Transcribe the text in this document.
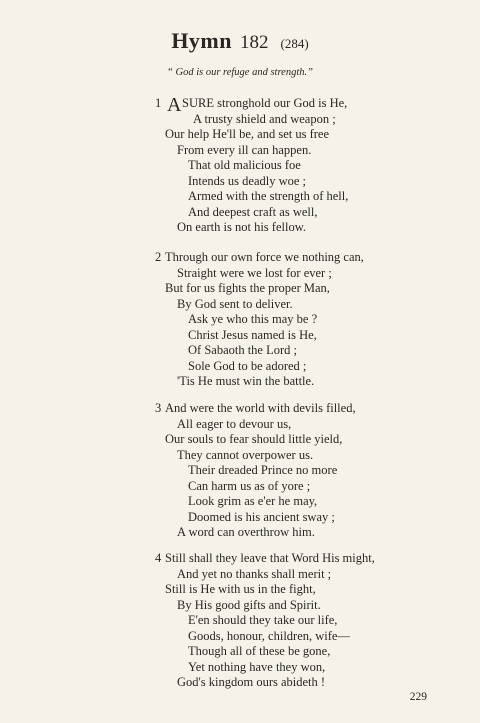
Hymn 182 (284)
“ God is our refuge and strength.”
1 A SURE stronghold our God is He,
A trusty shield and weapon ;
Our help He'll be, and set us free
From every ill can happen.
That old malicious foe
Intends us deadly woe ;
Armed with the strength of hell,
And deepest craft as well,
On earth is not his fellow.
2 Through our own force we nothing can,
Straight were we lost for ever ;
But for us fights the proper Man,
By God sent to deliver.
Ask ye who this may be ?
Christ Jesus named is He,
Of Sabaoth the Lord ;
Sole God to be adored ;
'Tis He must win the battle.
3 And were the world with devils filled,
All eager to devour us,
Our souls to fear should little yield,
They cannot overpower us.
Their dreaded Prince no more
Can harm us as of yore ;
Look grim as e'er he may,
Doomed is his ancient sway ;
A word can overthrow him.
4 Still shall they leave that Word His might,
And yet no thanks shall merit ;
Still is He with us in the fight,
By His good gifts and Spirit.
E'en should they take our life,
Goods, honour, children, wife—
Though all of these be gone,
Yet nothing have they won,
God's kingdom ours abideth !
229
